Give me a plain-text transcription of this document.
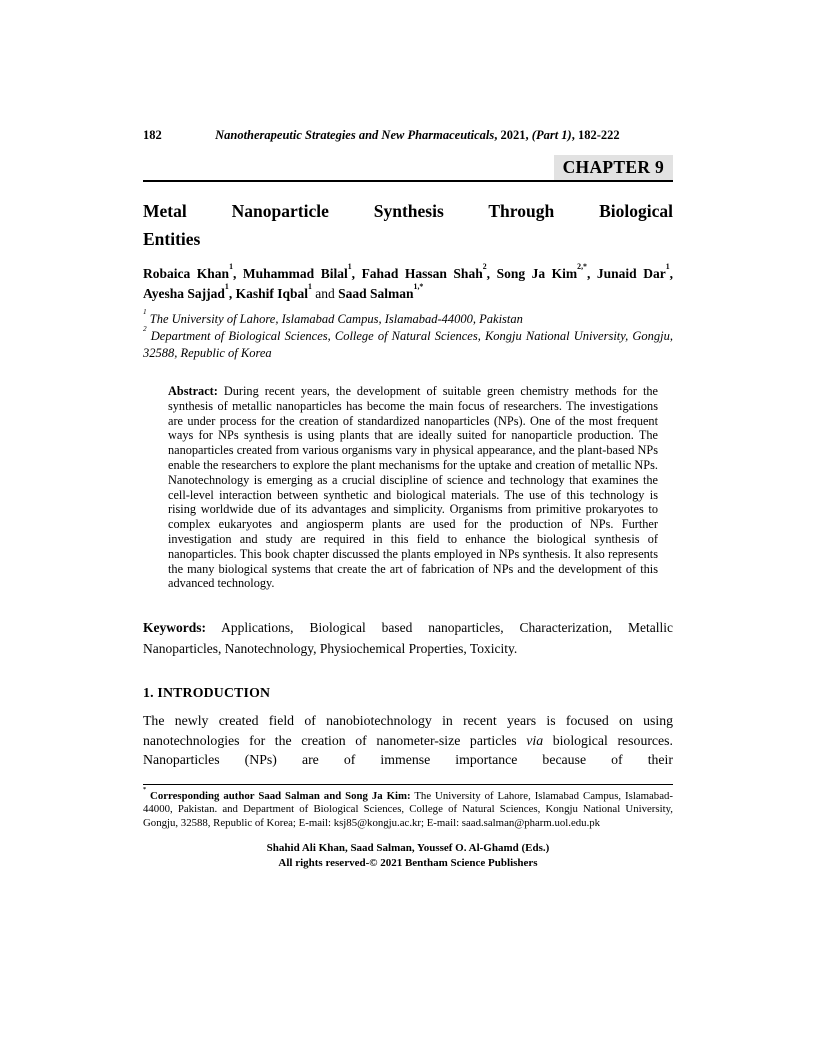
182	Nanotherapeutic Strategies and New Pharmaceuticals, 2021, (Part 1), 182-222
CHAPTER 9
Metal Nanoparticle Synthesis Through Biological
Entities

Robaica Khan$^1$, Muhammad Bilal$^1$, Fahad Hassan Shah$^2$, Song Ja Kim$^{2,*}$, Junaid Dar$^1$, Ayesha Sajjad$^1$, Kashif Iqbal$^1$ and Saad Salman$^{1,*}$

$^1$ The University of Lahore, Islamabad Campus, Islamabad-44000, Pakistan

$^2$ Department of Biological Sciences, College of Natural Sciences, Kongju National University, Gongju, 32588, Republic of Korea

Abstract: During recent years, the development of suitable green chemistry methods for the synthesis of metallic nanoparticles has become the main focus of researchers. The investigations are under process for the creation of standardized nanoparticles (NPs). One of the most frequent ways for NPs synthesis is using plants that are ideally suited for nanoparticle production. The nanoparticles created from various organisms vary in physical appearance, and the plant-based NPs enable the researchers to explore the plant mechanisms for the uptake and creation of metallic NPs. Nanotechnology is emerging as a crucial discipline of science and technology that examines the cell-level interaction between synthetic and biological materials. The use of this technology is rising worldwide due of its advantages and simplicity. Organisms from primitive prokaryotes to complex eukaryotes and angiosperm plants are used for the production of NPs. Further investigation and study are required in this field to enhance the biological synthesis of nanoparticles. This book chapter discussed the plants employed in NPs synthesis. It also represents the many biological systems that create the art of fabrication of NPs and the development of this advanced technology.

Keywords: Applications, Biological based nanoparticles, Characterization, Metallic Nanoparticles, Nanotechnology, Physiochemical Properties, Toxicity.

1. INTRODUCTION

The newly created field of nanobiotechnology in recent years is focused on using nanotechnologies for the creation of nanometer-size particles via biological resources. Nanoparticles (NPs) are of immense importance because of their

* Corresponding author Saad Salman and Song Ja Kim: The University of Lahore, Islamabad Campus, Islamabad-44000, Pakistan. and Department of Biological Sciences, College of Natural Sciences, Kongju National University, Gongju, 32588, Republic of Korea; E-mail: ksj85@kongju.ac.kr; E-mail: saad.salman@pharm.uol.edu.pk

Shahid Ali Khan, Saad Salman, Youssef O. Al-Ghamd (Eds.)
All rights reserved-© 2021 Bentham Science Publishers
